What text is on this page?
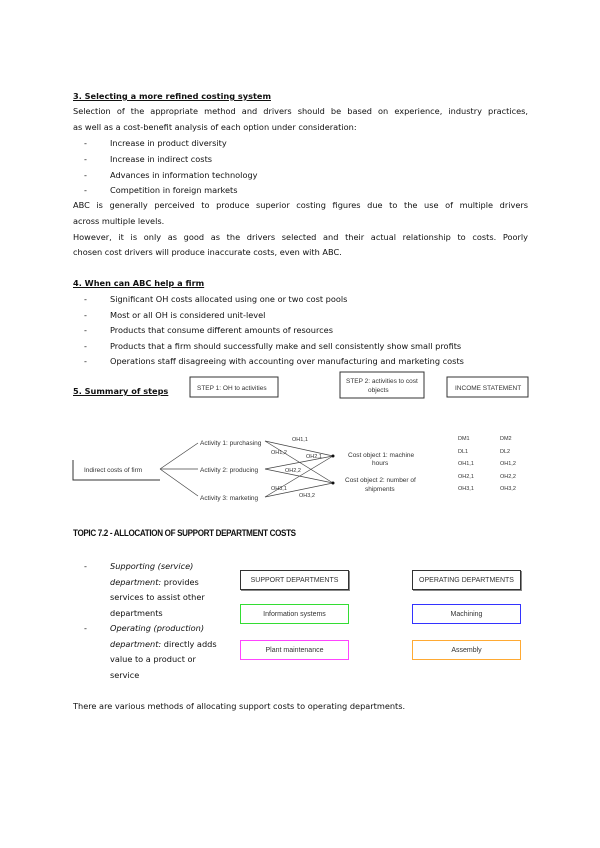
3. Selecting a more refined costing system
Selection of the appropriate method and drivers should be based on experience, industry practices,
as well as a cost-benefit analysis of each option under consideration:
-	Increase in product diversity
-	Increase in indirect costs
-	Advances in information technology
-	Competition in foreign markets
ABC is generally perceived to produce superior costing figures due to the use of multiple drivers
across multiple levels.
However, it is only as good as the drivers selected and their actual relationship to costs. Poorly
chosen cost drivers will produce inaccurate costs, even with ABC.
4. When can ABC help a firm
-	Significant OH costs allocated using one or two cost pools
-	Most or all OH is considered unit-level
-	Products that consume different amounts of resources
-	Products that a firm should successfully make and sell consistently show small profits
-	Operations staff disagreeing with accounting over manufacturing and marketing costs
5. Summary of steps	STEP 1: OH to activities
STEP 2: activities to cost
objects	INCOME STATEMENT
Indirect costs of firm
Activity 1: purchasing
Activity 2: producing
Activity 3: marketing
Cost object 1: machine
hours
Cost object 2: number of
shipments
OH1,1
OH1,2
OH2,1
OH2,2
OH3,1
OH3,2
DM1	DM2
DL1	DL2
OH1,1	OH1,2
OH2,1	OH2,2
OH3,1	OH3,2
TOPIC 7.2 - ALLOCATION OF SUPPORT DEPARTMENT COSTS
-	Supporting (service)
department: provides
services to assist other
departments
-	Operating (production)
department: directly adds
value to a product or
service
SUPPORT DEPARTMENTS	OPERATING DEPARTMENTS
Information systems
Plant maintenance
Machining
Assembly
There are various methods of allocating support costs to operating departments.
